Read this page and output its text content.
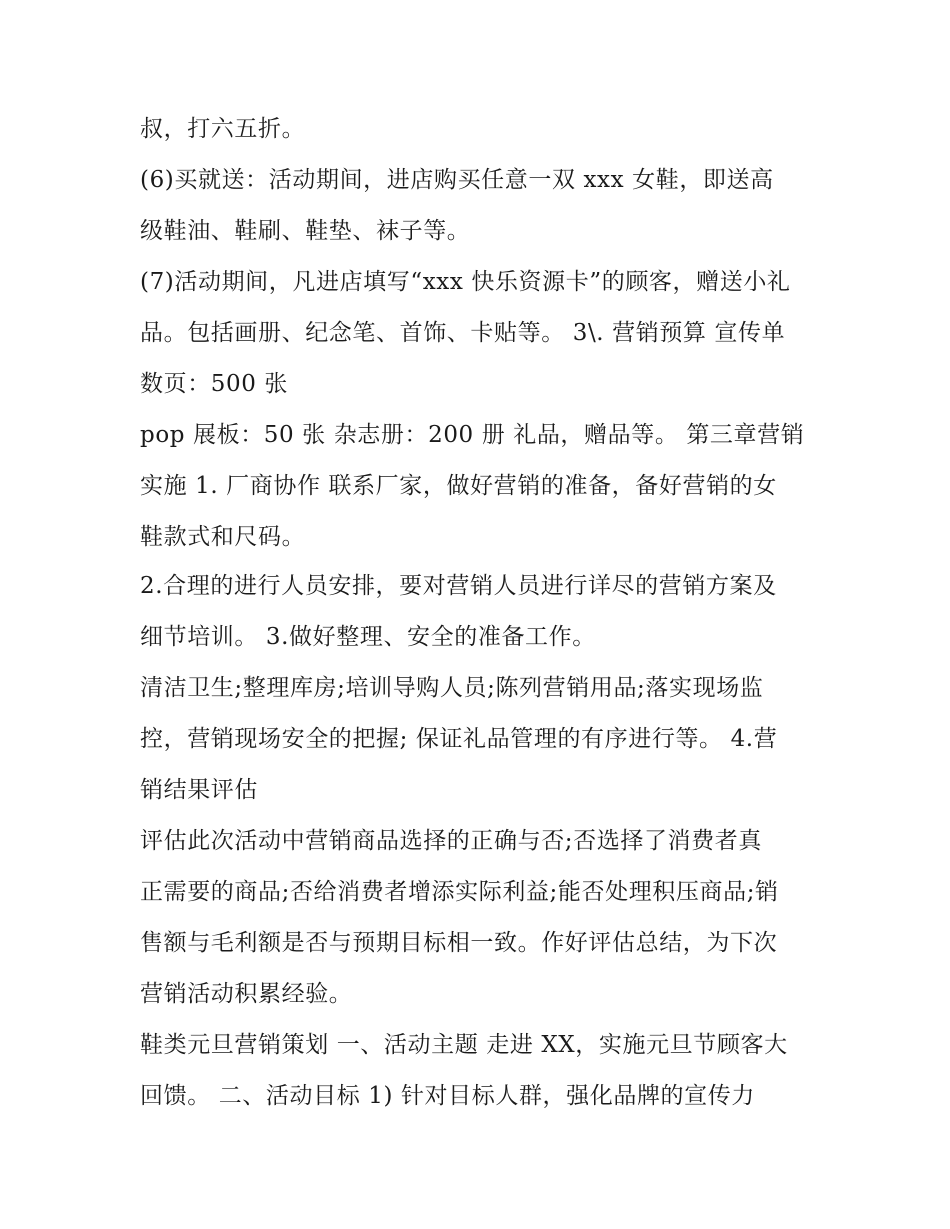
叔，打六五折。

(6)买就送：活动期间，进店购买任意一双 xxx 女鞋，即送高

级鞋油、鞋刷、鞋垫、袜子等。

(7)活动期间，凡进店填写“xxx 快乐资源卡”的顾客，赠送小礼

品。包括画册、纪念笔、首饰、卡贴等。 3\. 营销预算 宣传单

数页：500 张

pop 展板：50 张 杂志册：200 册 礼品，赠品等。 第三章营销

实施 1. 厂商协作 联系厂家，做好营销的准备，备好营销的女

鞋款式和尺码。

2.合理的进行人员安排，要对营销人员进行详尽的营销方案及

细节培训。 3.做好整理、安全的准备工作。

清洁卫生;整理库房;培训导购人员;陈列营销用品;落实现场监

控，营销现场安全的把握; 保证礼品管理的有序进行等。 4.营

销结果评估

评估此次活动中营销商品选择的正确与否;否选择了消费者真

正需要的商品;否给消费者增添实际利益;能否处理积压商品;销

售额与毛利额是否与预期目标相一致。作好评估总结，为下次

营销活动积累经验。

鞋类元旦营销策划 一、活动主题 走进 XX，实施元旦节顾客大

回馈。 二、活动目标 1) 针对目标人群，强化品牌的宣传力
